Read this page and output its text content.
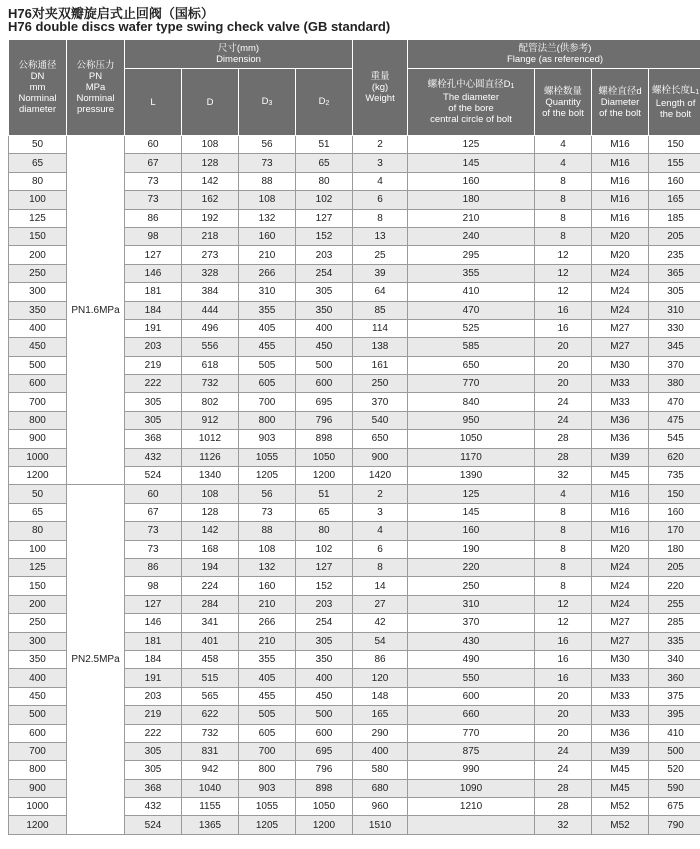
H76对夹双瓣旋启式止回阀（国标）
H76 double discs wafer type swing check valve (GB standard)
公称通径
DN
mm
Norminal
diameter	公称压力
PN
MPa
Norminal
pressure	尺寸(mm)
Dimension				重量
(kg)
Weight	配管法兰(供参考)
Flange (as referenced)			
		L	D	D3	D2		螺栓孔中心圆直径D1
The diameter
of the bore
central circle of bolt	螺栓数量
Quantity
of the bolt	螺栓直径d
Diameter
of the bolt	螺栓长度L1
Length of
the bolt
50	PN1.6MPa	60	108	56	51	2	125	4	M16	150
65		67	128	73	65	3	145	4	M16	155
80		73	142	88	80	4	160	8	M16	160
100		73	162	108	102	6	180	8	M16	165
125		86	192	132	127	8	210	8	M16	185
150		98	218	160	152	13	240	8	M20	205
200		127	273	210	203	25	295	12	M20	235
250		146	328	266	254	39	355	12	M24	365
300		181	384	310	305	64	410	12	M24	305
350		184	444	355	350	85	470	16	M24	310
400		191	496	405	400	114	525	16	M27	330
450		203	556	455	450	138	585	20	M27	345
500		219	618	505	500	161	650	20	M30	370
600		222	732	605	600	250	770	20	M33	380
700		305	802	700	695	370	840	24	M33	470
800		305	912	800	796	540	950	24	M36	475
900		368	1012	903	898	650	1050	28	M36	545
1000		432	1126	1055	1050	900	1170	28	M39	620
1200		524	1340	1205	1200	1420	1390	32	M45	735
50	PN2.5MPa	60	108	56	51	2	125	4	M16	150
65		67	128	73	65	3	145	8	M16	160
80		73	142	88	80	4	160	8	M16	170
100		73	168	108	102	6	190	8	M20	180
125		86	194	132	127	8	220	8	M24	205
150		98	224	160	152	14	250	8	M24	220
200		127	284	210	203	27	310	12	M24	255
250		146	341	266	254	42	370	12	M27	285
300		181	401	210	305	54	430	16	M27	335
350		184	458	355	350	86	490	16	M30	340
400		191	515	405	400	120	550	16	M33	360
450		203	565	455	450	148	600	20	M33	375
500		219	622	505	500	165	660	20	M33	395
600		222	732	605	600	290	770	20	M36	410
700		305	831	700	695	400	875	24	M39	500
800		305	942	800	796	580	990	24	M45	520
900		368	1040	903	898	680	1090	28	M45	590
1000		432	1155	1055	1050	960	1210	28	M52	675
1200		524	1365	1205	1200	1510		32	M52	790
